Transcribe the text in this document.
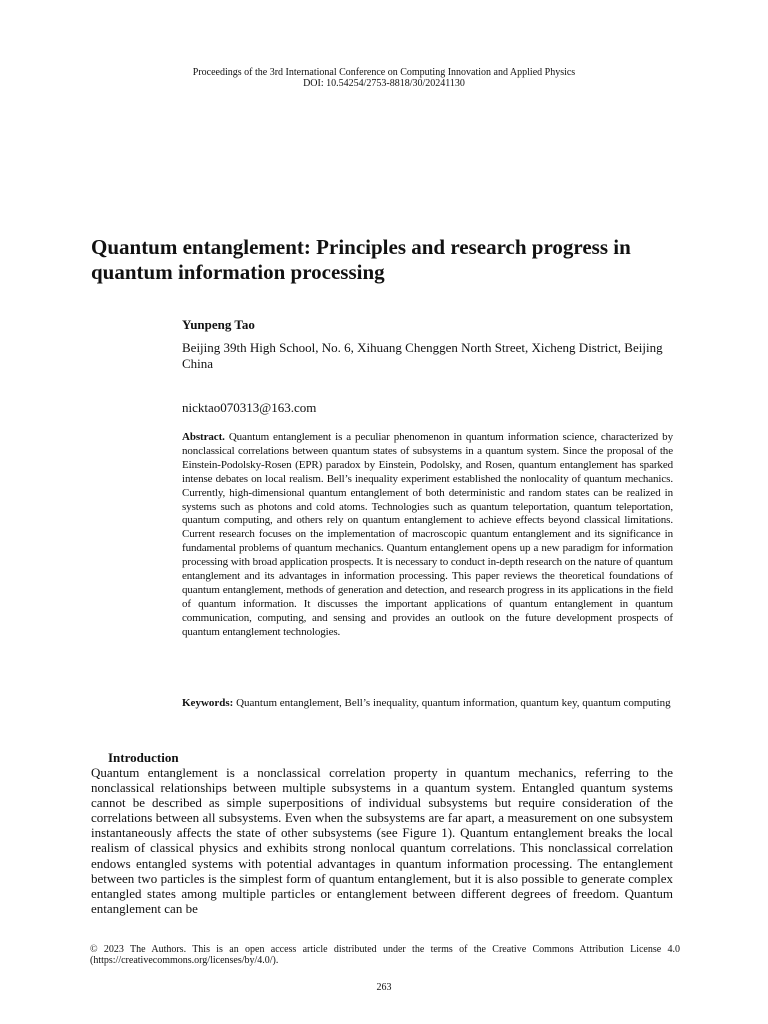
Proceedings of the 3rd International Conference on Computing Innovation and Applied Physics
DOI: 10.54254/2753-8818/30/20241130
Quantum entanglement: Principles and research progress in quantum information processing
Yunpeng Tao
Beijing 39th High School, No. 6, Xihuang Chenggen North Street, Xicheng District, Beijing China
nicktao070313@163.com

Abstract. Quantum entanglement is a peculiar phenomenon in quantum information science, characterized by nonclassical correlations between quantum states of subsystems in a quantum system. Since the proposal of the Einstein-Podolsky-Rosen (EPR) paradox by Einstein, Podolsky, and Rosen, quantum entanglement has sparked intense debates on local realism. Bell’s inequality experiment established the nonlocality of quantum mechanics. Currently, high-dimensional quantum entanglement of both deterministic and random states can be realized in systems such as photons and cold atoms. Technologies such as quantum teleportation, quantum teleportation, quantum computing, and others rely on quantum entanglement to achieve effects beyond classical limitations. Current research focuses on the implementation of macroscopic quantum entanglement and its significance in fundamental problems of quantum mechanics. Quantum entanglement opens up a new paradigm for information processing with broad application prospects. It is necessary to conduct in-depth research on the nature of quantum entanglement and its advantages in information processing. This paper reviews the theoretical foundations of quantum entanglement, methods of generation and detection, and research progress in its applications in the field of quantum information. It discusses the important applications of quantum entanglement in quantum communication, computing, and sensing and provides an outlook on the future development prospects of quantum entanglement technologies.

Keywords: Quantum entanglement, Bell’s inequality, quantum information, quantum key, quantum computing

Introduction

Quantum entanglement is a nonclassical correlation property in quantum mechanics, referring to the nonclassical relationships between multiple subsystems in a quantum system. Entangled quantum systems cannot be described as simple superpositions of individual subsystems but require consideration of the correlations between all subsystems. Even when the subsystems are far apart, a measurement on one subsystem instantaneously affects the state of other subsystems (see Figure 1). Quantum entanglement breaks the local realism of classical physics and exhibits strong nonlocal quantum correlations. This nonclassical correlation endows entangled systems with potential advantages in quantum information processing. The entanglement between two particles is the simplest form of quantum entanglement, but it is also possible to generate complex entangled states among multiple particles or entanglement between different degrees of freedom. Quantum entanglement can be

© 2023 The Authors. This is an open access article distributed under the terms of the Creative Commons Attribution License 4.0 (https://creativecommons.org/licenses/by/4.0/).

263
